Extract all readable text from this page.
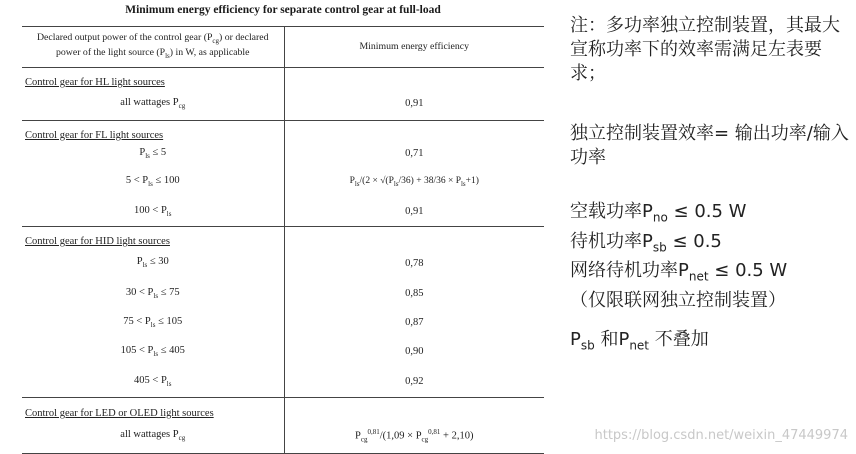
Minimum energy efficiency for separate control gear at full-load
Declared output power of the control gear $(P_{cg})$ or declared power of the light source $(P_{ls})$ in W, as applicable	Minimum energy efficiency
Control gear for HL light sources	
all wattages $P_{cg}$	0,91
Control gear for FL light sources	
$P_{ls} \le 5$	0,71
$5 < P_{ls} \le 100$	$P_{ls}/(2 \times √(P_{ls}/36) + 38/36 \times P_{ls}+1)$
$100 < P_{ls}$	0,91
Control gear for HID light sources	
$P_{ls} \le 30$	0,78
$30 < P_{ls} \le 75$	0,85
$75 < P_{ls} \le 105$	0,87
$105 < P_{ls} \le 405$	0,90
$405 < P_{ls}$	0,92
Control gear for LED or OLED light sources	
all wattages $P_{cg}$	$P_{cg}^{0,81}/(1,09 \times P_{cg}^{0,81} + 2,10)$

注：多功率独立控制装置，其最大宣称功率下的效率需满足左表要求；

独立控制装置效率= 输出功率/输入功率

空载功率$P_{no} \le 0.5$ W

待机功率$P_{sb} \le 0.5$

网络待机功率$P_{net} \le 0.5$ W

（仅限联网独立控制装置）

$P_{sb}$ 和$P_{net}$ 不叠加

https://blog.csdn.net/weixin_47449974
